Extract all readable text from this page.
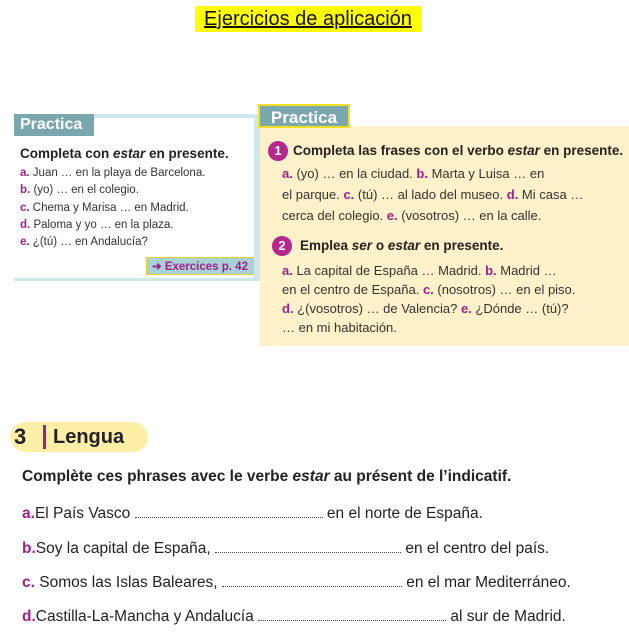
Ejercicios de aplicación
Practica
Completa con estar en presente.
a. Juan … en la playa de Barcelona.
b. (yo) … en el colegio.
c. Chema y Marisa … en Madrid.
d. Paloma y yo … en la plaza.
e. ¿(tú) … en Andalucía?
➜ Exercices p. 42
Practica
1 Completa las frases con el verbo estar en presente.
a. (yo) … en la ciudad. b. Marta y Luisa … en
el parque. c. (tú) … al lado del museo. d. Mi casa …
cerca del colegio. e. (vosotros) … en la calle.
2	Emplea ser o estar en presente.
a. La capital de España … Madrid. b. Madrid …
en el centro de España. c. (nosotros) … en el piso.
d. ¿(vosotros) … de Valencia? e. ¿Dónde … (tú)?
… en mi habitación.
3 Lengua
Complète ces phrases avec le verbe estar au présent de l’indicatif.
a.El País Vasco	en el norte de España.
b.Soy la capital de España,	en el centro del país.
c. Somos las Islas Baleares,	en el mar Mediterráneo.
d.Castilla-La-Mancha y Andalucía	al sur de Madrid.
